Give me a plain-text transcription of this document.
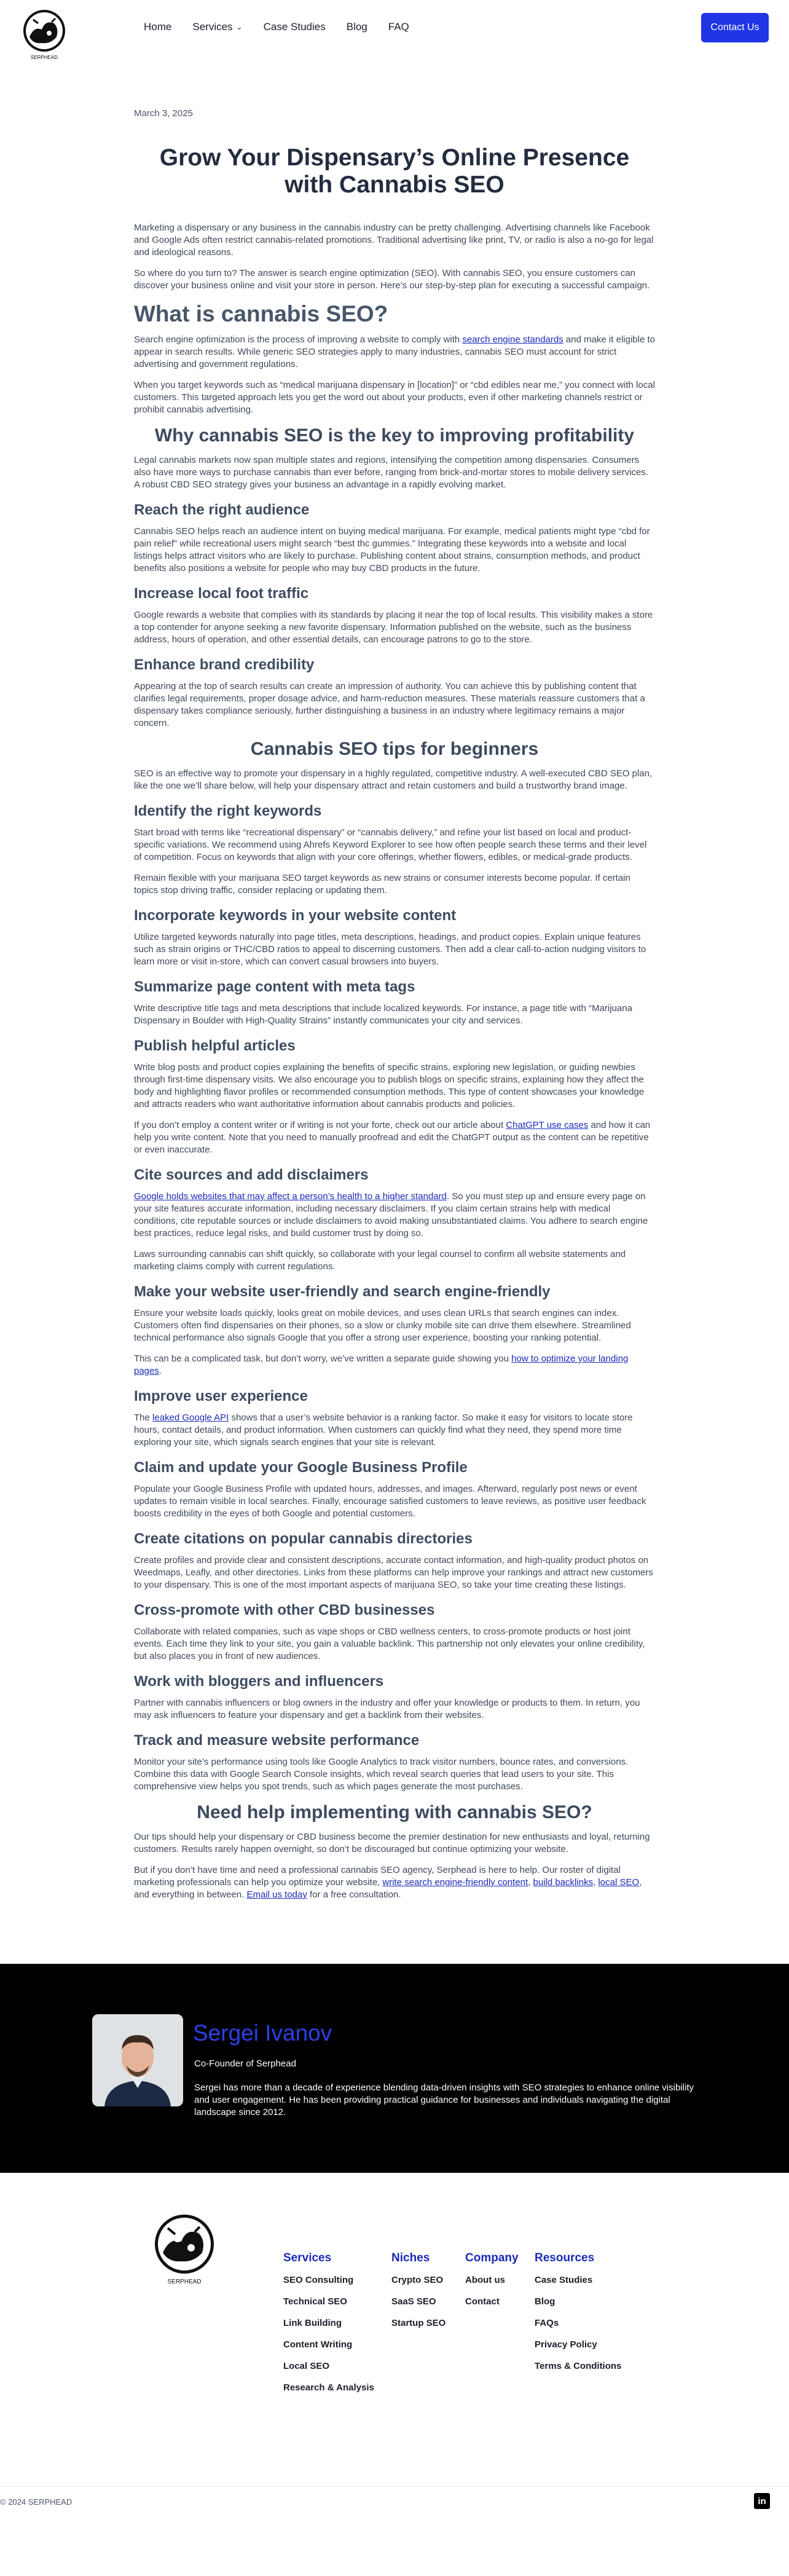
SERPHEAD
Home Services ⌄ Case Studies Blog FAQ	Contact Us
March 3, 2025
Grow Your Dispensary’s Online Presence with Cannabis SEO

Marketing a dispensary or any business in the cannabis industry can be pretty challenging. Advertising channels like Facebook and Google Ads often restrict cannabis-related promotions. Traditional advertising like print, TV, or radio is also a no-go for legal and ideological reasons.

So where do you turn to? The answer is search engine optimization (SEO). With cannabis SEO, you ensure customers can discover your business online and visit your store in person. Here’s our step-by-step plan for executing a successful campaign.

What is cannabis SEO?

Search engine optimization is the process of improving a website to comply with search engine standards and make it eligible to appear in search results. While generic SEO strategies apply to many industries, cannabis SEO must account for strict advertising and government regulations.

When you target keywords such as “medical marijuana dispensary in [location]” or “cbd edibles near me,” you connect with local customers. This targeted approach lets you get the word out about your products, even if other marketing channels restrict or prohibit cannabis advertising.

Why cannabis SEO is the key to improving profitability

Legal cannabis markets now span multiple states and regions, intensifying the competition among dispensaries. Consumers also have more ways to purchase cannabis than ever before, ranging from brick-and-mortar stores to mobile delivery services. A robust CBD SEO strategy gives your business an advantage in a rapidly evolving market.

Reach the right audience

Cannabis SEO helps reach an audience intent on buying medical marijuana. For example, medical patients might type “cbd for pain relief” while recreational users might search “best thc gummies.” Integrating these keywords into a website and local listings helps attract visitors who are likely to purchase. Publishing content about strains, consumption methods, and product benefits also positions a website for people who may buy CBD products in the future.

Increase local foot traffic

Google rewards a website that complies with its standards by placing it near the top of local results. This visibility makes a store a top contender for anyone seeking a new favorite dispensary. Information published on the website, such as the business address, hours of operation, and other essential details, can encourage patrons to go to the store.

Enhance brand credibility

Appearing at the top of search results can create an impression of authority. You can achieve this by publishing content that clarifies legal requirements, proper dosage advice, and harm-reduction measures. These materials reassure customers that a dispensary takes compliance seriously, further distinguishing a business in an industry where legitimacy remains a major concern.

Cannabis SEO tips for beginners

SEO is an effective way to promote your dispensary in a highly regulated, competitive industry. A well-executed CBD SEO plan, like the one we’ll share below, will help your dispensary attract and retain customers and build a trustworthy brand image.

Identify the right keywords

Start broad with terms like “recreational dispensary” or “cannabis delivery,” and refine your list based on local and product-specific variations. We recommend using Ahrefs Keyword Explorer to see how often people search these terms and their level of competition. Focus on keywords that align with your core offerings, whether flowers, edibles, or medical-grade products.

Remain flexible with your marijuana SEO target keywords as new strains or consumer interests become popular. If certain topics stop driving traffic, consider replacing or updating them.

Incorporate keywords in your website content

Utilize targeted keywords naturally into page titles, meta descriptions, headings, and product copies. Explain unique features such as strain origins or THC/CBD ratios to appeal to discerning customers. Then add a clear call-to-action nudging visitors to learn more or visit in-store, which can convert casual browsers into buyers.

Summarize page content with meta tags

Write descriptive title tags and meta descriptions that include localized keywords. For instance, a page title with “Marijuana Dispensary in Boulder with High-Quality Strains” instantly communicates your city and services.

Publish helpful articles

Write blog posts and product copies explaining the benefits of specific strains, exploring new legislation, or guiding newbies through first-time dispensary visits. We also encourage you to publish blogs on specific strains, explaining how they affect the body and highlighting flavor profiles or recommended consumption methods. This type of content showcases your knowledge and attracts readers who want authoritative information about cannabis products and policies.

If you don’t employ a content writer or if writing is not your forte, check out our article about ChatGPT use cases and how it can help you write content. Note that you need to manually proofread and edit the ChatGPT output as the content can be repetitive or even inaccurate.

Cite sources and add disclaimers

Google holds websites that may affect a person’s health to a higher standard. So you must step up and ensure every page on your site features accurate information, including necessary disclaimers. If you claim certain strains help with medical conditions, cite reputable sources or include disclaimers to avoid making unsubstantiated claims. You adhere to search engine best practices, reduce legal risks, and build customer trust by doing so.

Laws surrounding cannabis can shift quickly, so collaborate with your legal counsel to confirm all website statements and marketing claims comply with current regulations.

Make your website user-friendly and search engine-friendly

Ensure your website loads quickly, looks great on mobile devices, and uses clean URLs that search engines can index. Customers often find dispensaries on their phones, so a slow or clunky mobile site can drive them elsewhere. Streamlined technical performance also signals Google that you offer a strong user experience, boosting your ranking potential.

This can be a complicated task, but don’t worry, we’ve written a separate guide showing you how to optimize your landing pages.

Improve user experience

The leaked Google API shows that a user’s website behavior is a ranking factor. So make it easy for visitors to locate store hours, contact details, and product information. When customers can quickly find what they need, they spend more time exploring your site, which signals search engines that your site is relevant.

Claim and update your Google Business Profile

Populate your Google Business Profile with updated hours, addresses, and images. Afterward, regularly post news or event updates to remain visible in local searches. Finally, encourage satisfied customers to leave reviews, as positive user feedback boosts credibility in the eyes of both Google and potential customers.

Create citations on popular cannabis directories

Create profiles and provide clear and consistent descriptions, accurate contact information, and high-quality product photos on Weedmaps, Leafly, and other directories. Links from these platforms can help improve your rankings and attract new customers to your dispensary. This is one of the most important aspects of marijuana SEO, so take your time creating these listings.

Cross-promote with other CBD businesses

Collaborate with related companies, such as vape shops or CBD wellness centers, to cross-promote products or host joint events. Each time they link to your site, you gain a valuable backlink. This partnership not only elevates your online credibility, but also places you in front of new audiences.

Work with bloggers and influencers

Partner with cannabis influencers or blog owners in the industry and offer your knowledge or products to them. In return, you may ask influencers to feature your dispensary and get a backlink from their websites.

Track and measure website performance

Monitor your site’s performance using tools like Google Analytics to track visitor numbers, bounce rates, and conversions. Combine this data with Google Search Console insights, which reveal search queries that lead users to your site. This comprehensive view helps you spot trends, such as which pages generate the most purchases.

Need help implementing with cannabis SEO?

Our tips should help your dispensary or CBD business become the premier destination for new enthusiasts and loyal, returning customers. Results rarely happen overnight, so don’t be discouraged but continue optimizing your website.

But if you don’t have time and need a professional cannabis SEO agency, Serphead is here to help. Our roster of digital marketing professionals can help you optimize your website, write search engine-friendly content, build backlinks, local SEO, and everything in between. Email us today for a free consultation.

Sergei Ivanov
Co-Founder of Serphead
Sergei has more than a decade of experience blending data-driven insights with SEO strategies to enhance online visibility and user engagement. He has been providing practical guidance for businesses and individuals navigating the digital landscape since 2012.
SERPHEAD
Services
SEO Consulting
Technical SEO
Link Building
Content Writing
Local SEO
Research & Analysis
Niches
Crypto SEO
SaaS SEO
Startup SEO
Company
About us
Contact
Resources
Case Studies
Blog
FAQs
Privacy Policy
Terms & Conditions
© 2024 SERPHEAD	in
